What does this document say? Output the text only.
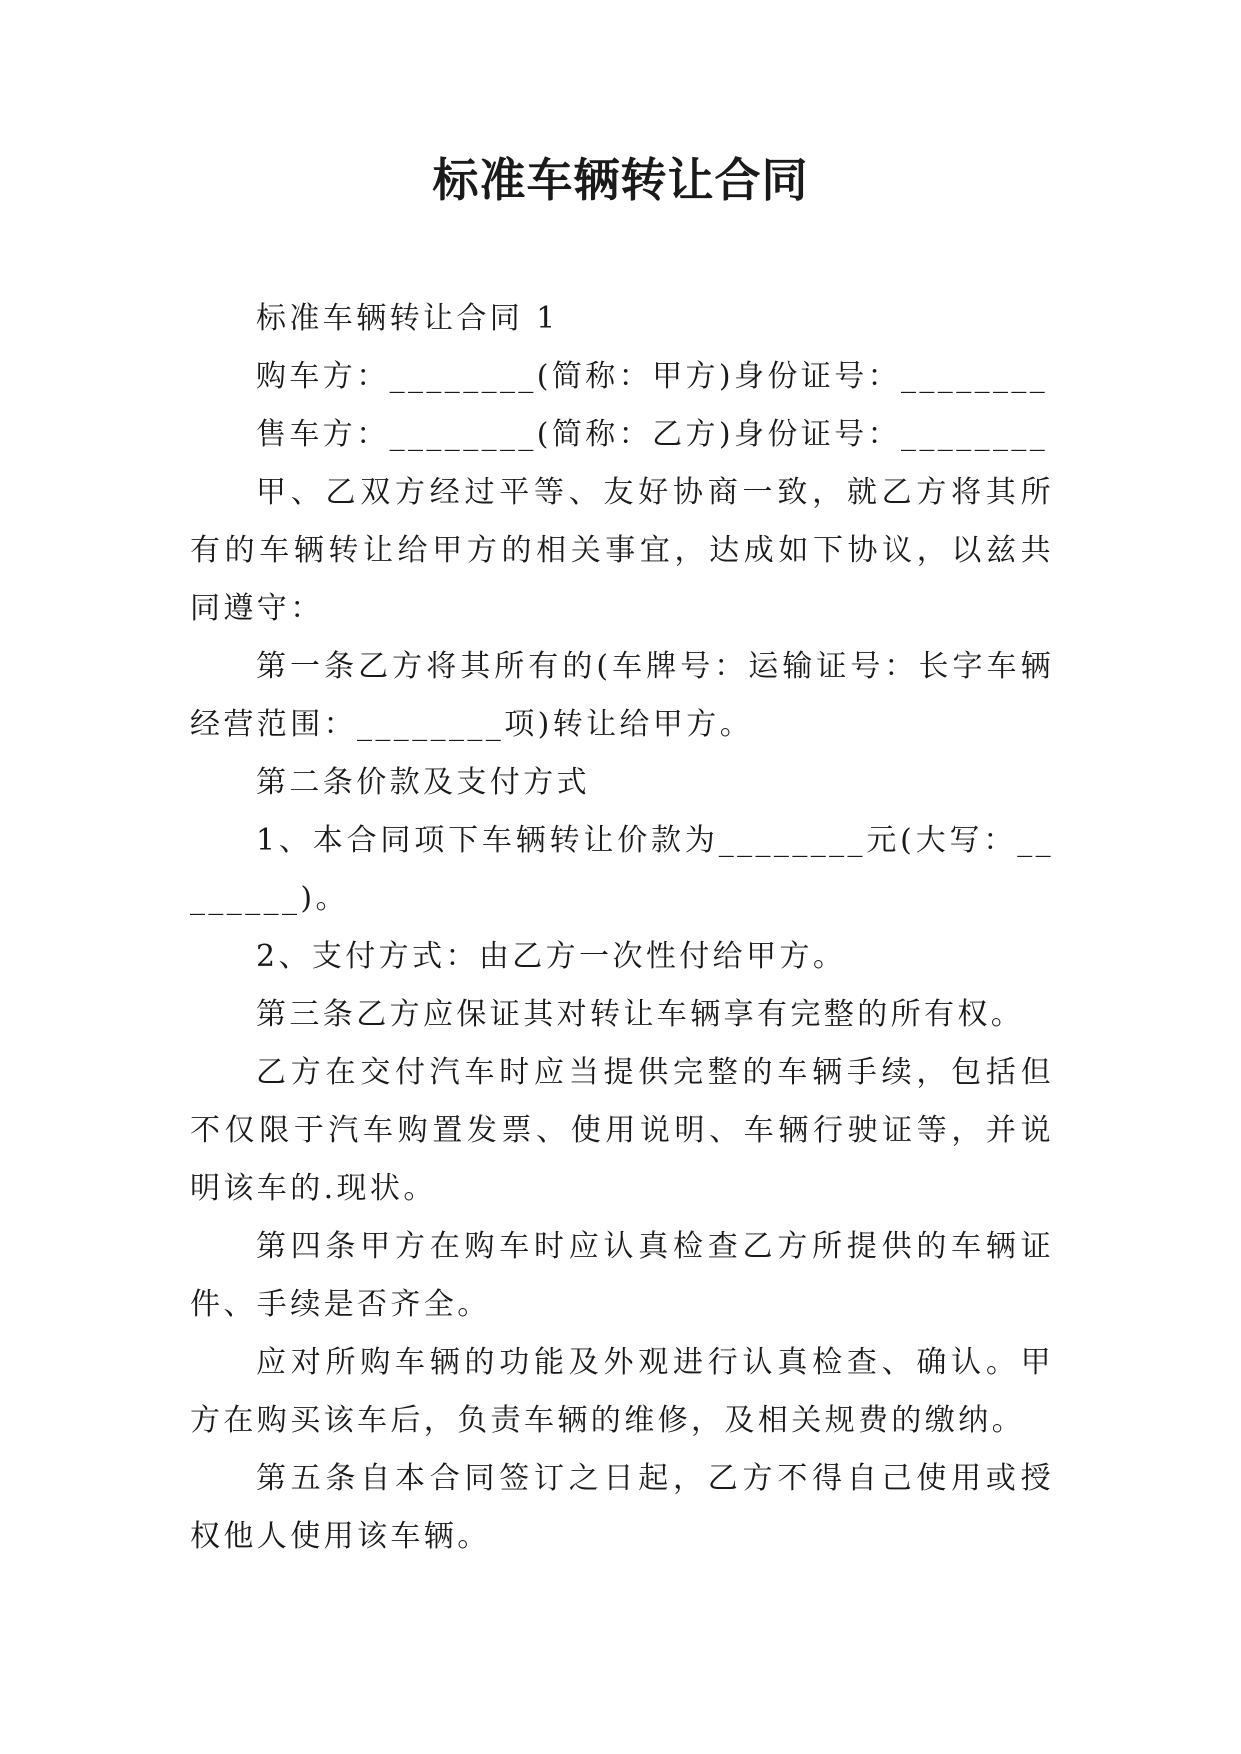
标准车辆转让合同

标准车辆转让合同 1

购车方：________(简称：甲方)身份证号：________

售车方：________(简称：乙方)身份证号：________

甲、乙双方经过平等、友好协商一致，就乙方将其所有的车辆转让给甲方的相关事宜，达成如下协议，以兹共同遵守：

第一条乙方将其所有的(车牌号：运输证号：长字车辆经营范围：________项)转让给甲方。

第二条价款及支付方式

1、本合同项下车辆转让价款为________元(大写：________)。

2、支付方式：由乙方一次性付给甲方。

第三条乙方应保证其对转让车辆享有完整的所有权。

乙方在交付汽车时应当提供完整的车辆手续，包括但不仅限于汽车购置发票、使用说明、车辆行驶证等，并说明该车的.现状。

第四条甲方在购车时应认真检查乙方所提供的车辆证件、手续是否齐全。

应对所购车辆的功能及外观进行认真检查、确认。甲方在购买该车后，负责车辆的维修，及相关规费的缴纳。

第五条自本合同签订之日起，乙方不得自己使用或授权他人使用该车辆。
